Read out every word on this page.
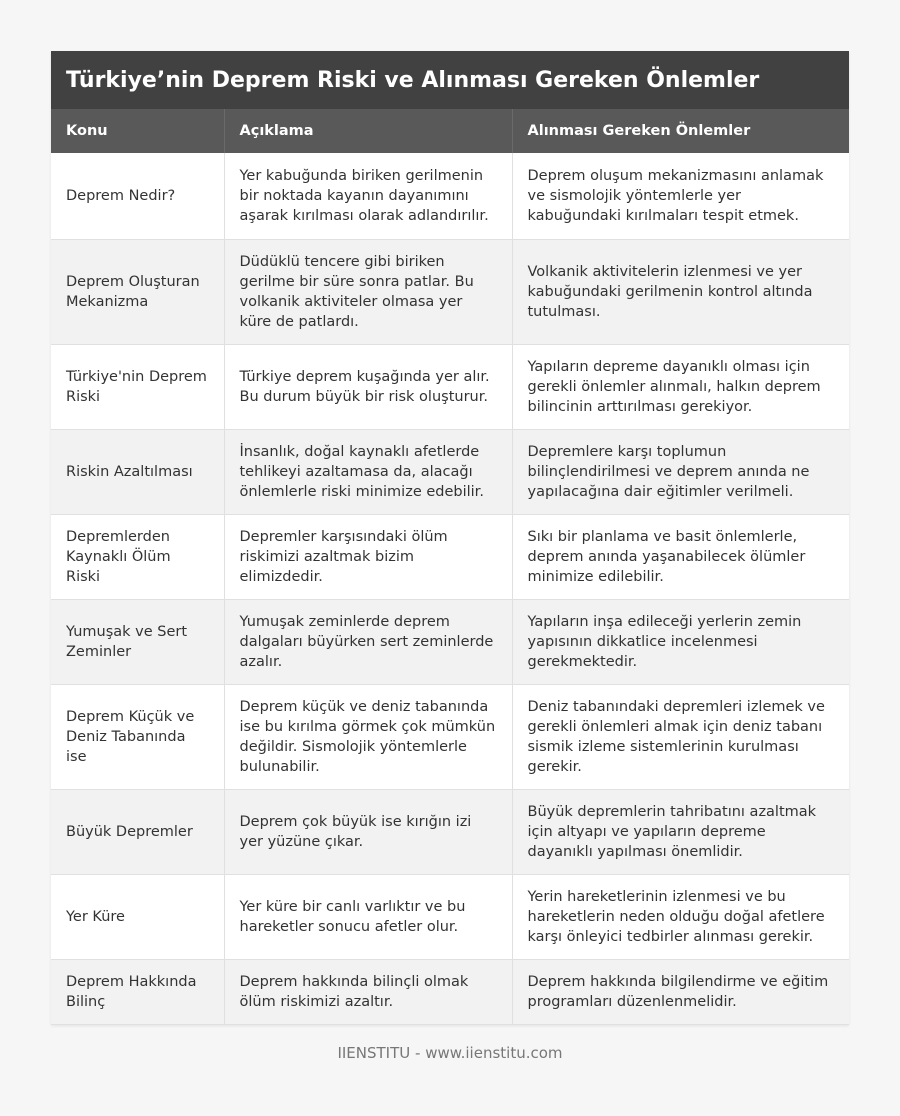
Türkiye’nin Deprem Riski ve Alınması Gereken Önlemler
Konu	Açıklama	Alınması Gereken Önlemler
Deprem Nedir?	Yer kabuğunda biriken gerilmenin bir noktada kayanın dayanımını aşarak kırılması olarak adlandırılır.	Deprem oluşum mekanizmasını anlamak ve sismolojik yöntemlerle yer kabuğundaki kırılmaları tespit etmek.
Deprem Oluşturan Mekanizma	Düdüklü tencere gibi biriken gerilme bir süre sonra patlar. Bu volkanik aktiviteler olmasa yer küre de patlardı.	Volkanik aktivitelerin izlenmesi ve yer kabuğundaki gerilmenin kontrol altında tutulması.
Türkiye'nin Deprem Riski	Türkiye deprem kuşağında yer alır. Bu durum büyük bir risk oluşturur.	Yapıların depreme dayanıklı olması için gerekli önlemler alınmalı, halkın deprem bilincinin arttırılması gerekiyor.
Riskin Azaltılması	İnsanlık, doğal kaynaklı afetlerde tehlikeyi azaltamasa da, alacağı önlemlerle riski minimize edebilir.	Depremlere karşı toplumun bilinçlendirilmesi ve deprem anında ne yapılacağına dair eğitimler verilmeli.
Depremlerden Kaynaklı Ölüm Riski	Depremler karşısındaki ölüm riskimizi azaltmak bizim elimizdedir.	Sıkı bir planlama ve basit önlemlerle, deprem anında yaşanabilecek ölümler minimize edilebilir.
Yumuşak ve Sert Zeminler	Yumuşak zeminlerde deprem dalgaları büyürken sert zeminlerde azalır.	Yapıların inşa edileceği yerlerin zemin yapısının dikkatlice incelenmesi gerekmektedir.
Deprem Küçük ve Deniz Tabanında ise	Deprem küçük ve deniz tabanında ise bu kırılma görmek çok mümkün değildir. Sismolojik yöntemlerle bulunabilir.	Deniz tabanındaki depremleri izlemek ve gerekli önlemleri almak için deniz tabanı sismik izleme sistemlerinin kurulması gerekir.
Büyük Depremler	Deprem çok büyük ise kırığın izi yer yüzüne çıkar.	Büyük depremlerin tahribatını azaltmak için altyapı ve yapıların depreme dayanıklı yapılması önemlidir.
Yer Küre	Yer küre bir canlı varlıktır ve bu hareketler sonucu afetler olur.	Yerin hareketlerinin izlenmesi ve bu hareketlerin neden olduğu doğal afetlere karşı önleyici tedbirler alınması gerekir.
Deprem Hakkında Bilinç	Deprem hakkında bilinçli olmak ölüm riskimizi azaltır.	Deprem hakkında bilgilendirme ve eğitim programları düzenlenmelidir.
IIENSTITU - www.iienstitu.com
